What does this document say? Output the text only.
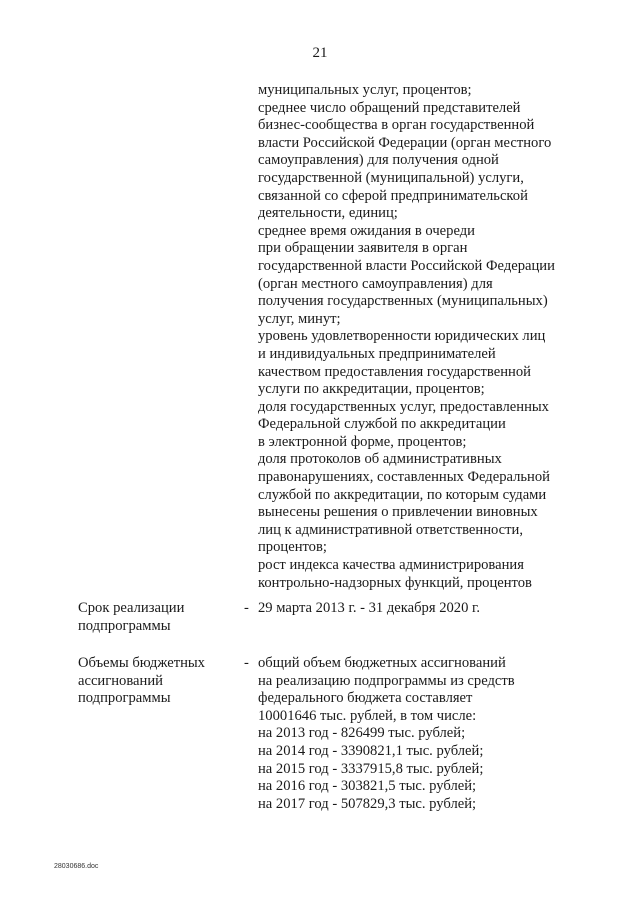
21
муниципальных услуг, процентов;
среднее число обращений представителей
бизнес-сообщества в орган государственной
власти Российской Федерации (орган местного
самоуправления) для получения одной
государственной (муниципальной) услуги,
связанной со сферой предпринимательской
деятельности, единиц;
среднее время ожидания в очереди
при обращении заявителя в орган
государственной власти Российской Федерации
(орган местного самоуправления) для
получения государственных (муниципальных)
услуг, минут;
уровень удовлетворенности юридических лиц
и индивидуальных предпринимателей
качеством предоставления государственной
услуги по аккредитации, процентов;
доля государственных услуг, предоставленных
Федеральной службой по аккредитации
в электронной форме, процентов;
доля протоколов об административных
правонарушениях, составленных Федеральной
службой по аккредитации, по которым судами
вынесены решения о привлечении виновных
лиц к административной ответственности,
процентов;
рост индекса качества администрирования
контрольно-надзорных функций, процентов
Срок реализации
подпрограммы
- 29 марта 2013 г. - 31 декабря 2020 г.
Объемы бюджетных
ассигнований
подпрограммы
- общий объем бюджетных ассигнований
на реализацию подпрограммы из средств
федерального бюджета составляет
10001646 тыс. рублей, в том числе:
на 2013 год - 826499 тыс. рублей;
на 2014 год - 3390821,1 тыс. рублей;
на 2015 год - 3337915,8 тыс. рублей;
на 2016 год - 303821,5 тыс. рублей;
на 2017 год - 507829,3 тыс. рублей;
28030686.doc
